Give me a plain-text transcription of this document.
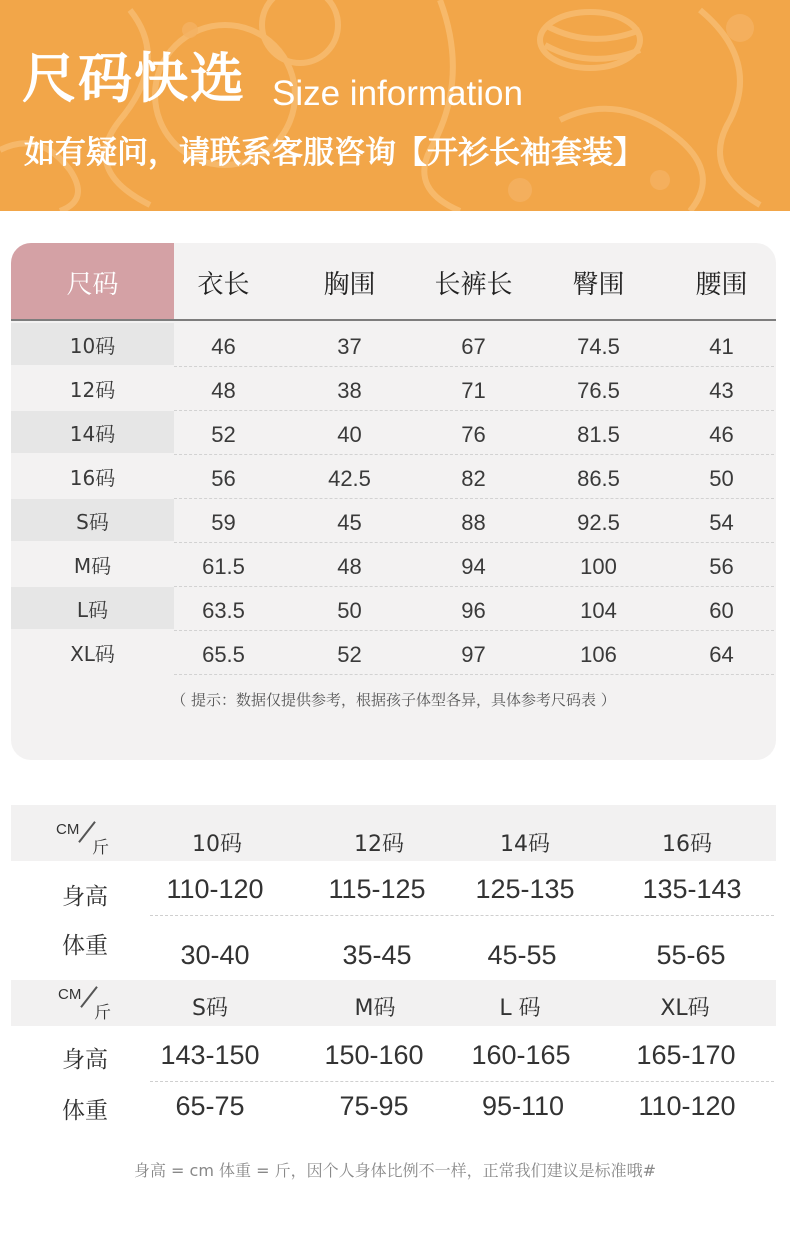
尺码快选 Size information
如有疑问，请联系客服咨询【开衫长袖套装】
尺码	衣长	胸围	长裤长	臀围	腰围
10码	46	37	67	74.5	41
12码	48	38	71	76.5	43
14码	52	40	76	81.5	46
16码	56	42.5	82	86.5	50
S码	59	45	88	92.5	54
M码	61.5	48	94	100	56
L码	63.5	50	96	104	60
XL码	65.5	52	97	106	64
（ 提示：数据仅提供参考，根据孩子体型各异，具体参考尺码表 ）
CM
斤	10码	12码	14码	16码
身高	110-120	115-125	125-135	135-143
体重	30-40	35-45	45-55	55-65
CM
斤	S码	M码	L 码	XL码
身高	143-150	150-160	160-165	165-170
体重	65-75	75-95	95-110	110-120
身高 = cm 体重 = 斤，因个人身体比例不一样，正常我们建议是标准哦#
